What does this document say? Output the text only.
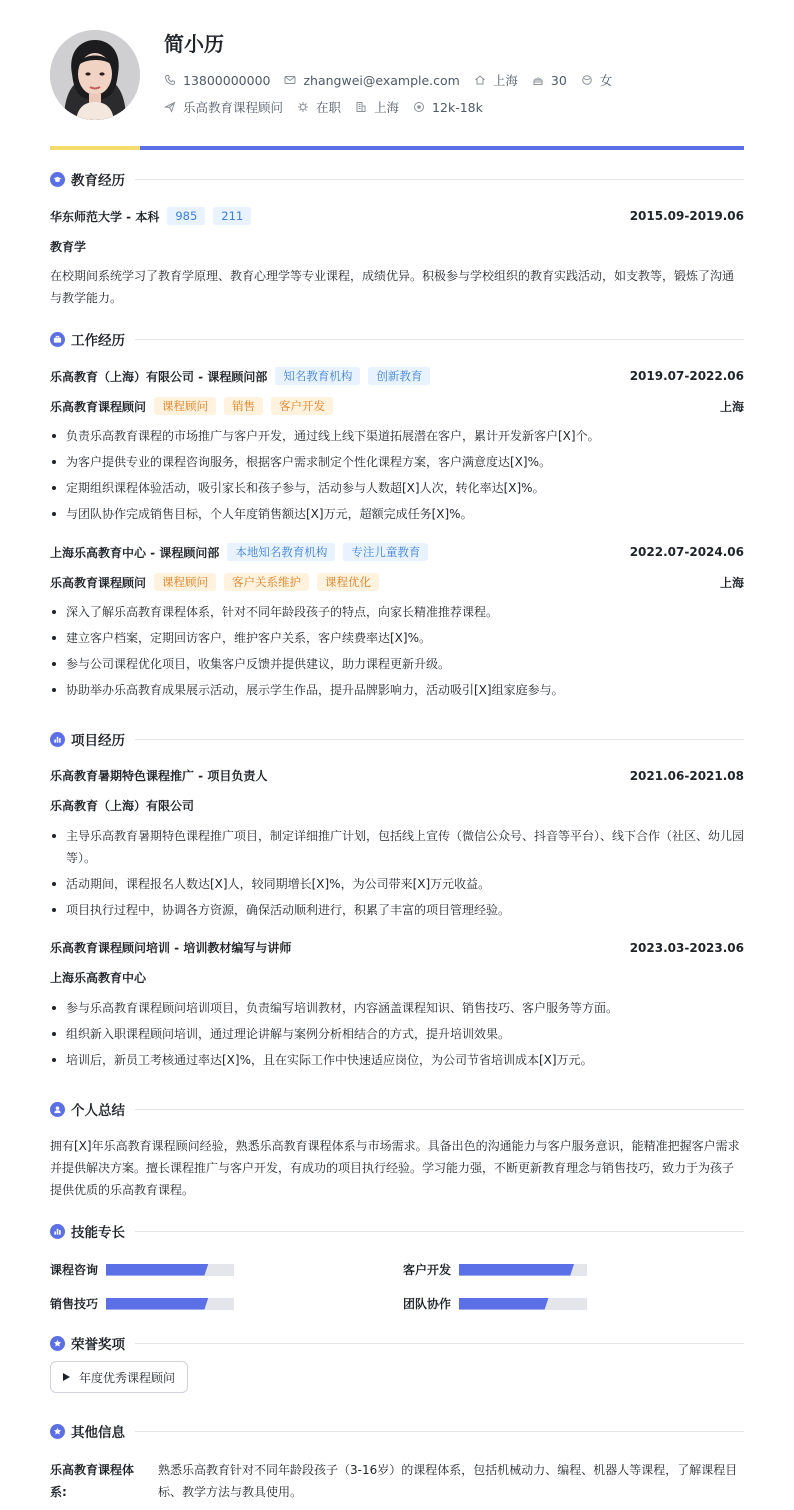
简小历
13800000000	zhangwei@example.com	上海	30	女
乐高教育课程顾问	在职	上海	12k-18k
教育经历
华东师范大学 - 本科	985	211	2015.09-2019.06
教育学
在校期间系统学习了教育学原理、教育心理学等专业课程，成绩优异。积极参与学校组织的教育实践活动，如支教等，锻炼了沟通与教学能力。
工作经历
乐高教育（上海）有限公司 - 课程顾问部	知名教育机构	创新教育	2019.07-2022.06
乐高教育课程顾问	课程顾问	销售	客户开发	上海
负责乐高教育课程的市场推广与客户开发，通过线上线下渠道拓展潜在客户，累计开发新客户[X]个。
为客户提供专业的课程咨询服务，根据客户需求制定个性化课程方案，客户满意度达[X]%。
定期组织课程体验活动，吸引家长和孩子参与，活动参与人数超[X]人次，转化率达[X]%。
与团队协作完成销售目标，个人年度销售额达[X]万元，超额完成任务[X]%。
上海乐高教育中心 - 课程顾问部	本地知名教育机构	专注儿童教育	2022.07-2024.06
乐高教育课程顾问	课程顾问	客户关系维护	课程优化	上海
深入了解乐高教育课程体系，针对不同年龄段孩子的特点，向家长精准推荐课程。
建立客户档案，定期回访客户，维护客户关系，客户续费率达[X]%。
参与公司课程优化项目，收集客户反馈并提供建议，助力课程更新升级。
协助举办乐高教育成果展示活动，展示学生作品，提升品牌影响力，活动吸引[X]组家庭参与。
项目经历
乐高教育暑期特色课程推广 - 项目负责人	2021.06-2021.08
乐高教育（上海）有限公司
主导乐高教育暑期特色课程推广项目，制定详细推广计划，包括线上宣传（微信公众号、抖音等平台）、线下合作（社区、幼儿园等）。
活动期间，课程报名人数达[X]人，较同期增长[X]%，为公司带来[X]万元收益。
项目执行过程中，协调各方资源，确保活动顺利进行，积累了丰富的项目管理经验。
乐高教育课程顾问培训 - 培训教材编写与讲师	2023.03-2023.06
上海乐高教育中心
参与乐高教育课程顾问培训项目，负责编写培训教材，内容涵盖课程知识、销售技巧、客户服务等方面。
组织新入职课程顾问培训，通过理论讲解与案例分析相结合的方式，提升培训效果。
培训后，新员工考核通过率达[X]%，且在实际工作中快速适应岗位，为公司节省培训成本[X]万元。
个人总结
拥有[X]年乐高教育课程顾问经验，熟悉乐高教育课程体系与市场需求。具备出色的沟通能力与客户服务意识，能精准把握客户需求并提供解决方案。擅长课程推广与客户开发，有成功的项目执行经验。学习能力强，不断更新教育理念与销售技巧，致力于为孩子提供优质的乐高教育课程。
技能专长
课程咨询	客户开发
销售技巧	团队协作
荣誉奖项
年度优秀课程顾问
其他信息
乐高教育课程体系:
熟悉乐高教育针对不同年龄段孩子（3-16岁）的课程体系，包括机械动力、编程、机器人等课程，了解课程目标、教学方法与教具使用。
